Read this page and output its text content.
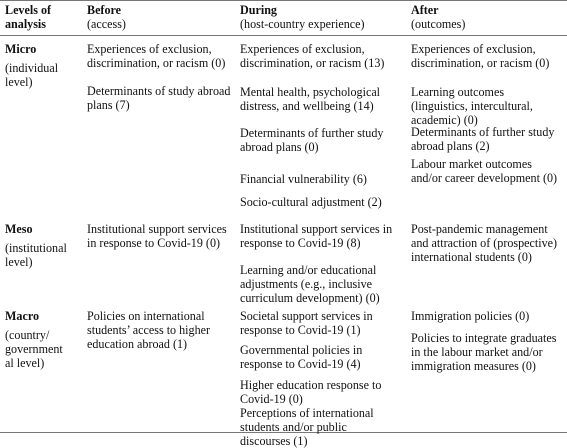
Levels of
analysis
Before
(access)
During
(host-country experience)
After
(outcomes)
Micro
(individual level)
Experiences of exclusion, discrimination, or racism (0)
Determinants of study abroad plans (7)
Experiences of exclusion, discrimination, or racism (13)
Mental health, psychological distress, and wellbeing (14)
Determinants of further study abroad plans (0)
Financial vulnerability (6)
Socio-cultural adjustment (2)
Experiences of exclusion, discrimination, or racism (0)
Learning outcomes (linguistics, intercultural, academic) (0)
Determinants of further study abroad plans (2)
Labour market outcomes and/or career development (0)
Meso
(institutional level)
Institutional support services in response to Covid-19 (0)
Institutional support services in response to Covid-19 (8)
Learning and/or educational adjustments (e.g., inclusive curriculum development) (0)
Post-pandemic management and attraction of (prospective) international students (0)
Macro
(country/ government al level)
Policies on international students’ access to higher education abroad (1)
Societal support services in response to Covid-19 (1)
Governmental policies in response to Covid-19 (4)
Higher education response to Covid-19 (0)
Perceptions of international students and/or public discourses (1)
Immigration policies (0)
Policies to integrate graduates in the labour market and/or immigration measures (0)
